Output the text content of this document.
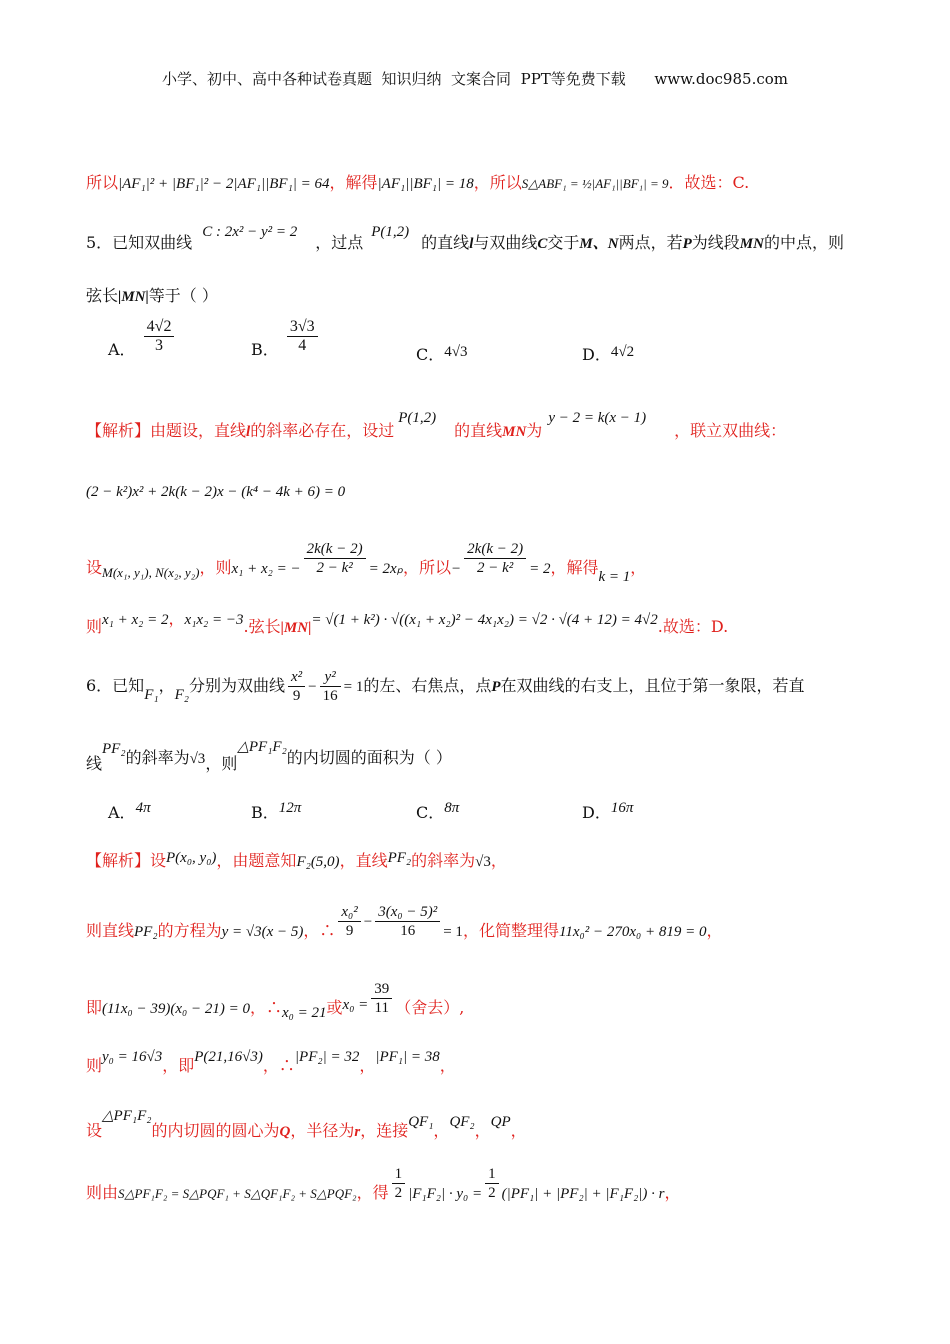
小学、初中、高中各种试卷真题  知识归纳  文案合同  PPT等免费下载      www.doc985.com
所以|AF₁|² + |BF₁|² − 2|AF₁||BF₁| = 64，解得|AF₁||BF₁| = 18，所以S△ABF₁ = ½|AF₁||BF₁| = 9．故选：C.
5．已知双曲线C : 2x² − y² = 2，过点P(1,2)的直线l与双曲线C交于M、N两点，若P为线段MN的中点，则
弦长|MN|等于（ ）
A． $\frac{4√2}{3}$	B． $\frac{3√3}{4}$	C．4√3	D．4√2
【解析】由题设，直线l的斜率必存在，设过P(1,2)的直线MN为y − 2 = k(x − 1)，联立双曲线：
(2 − k²)x² + 2k(k − 2)x − (k⁴ − 4k + 6) = 0
设$_{M(x_1, y_1), N(x_2, y_2)}$，则x₁ + x₂ = − $\frac{2k(k - 2)}{\text{2 − k²}} = 2x_p$，所以− $\frac{2k(k - 2)}{\text{2 − k²}} = 2$，解得k = 1，
则x₁ + x₂ = 2，x₁x₂ = −3.弦长|MN|= √(1 + k²) · √((x₁ + x₂)² − 4x₁x₂) = √2 · √(4 + 12) = 4√2.故选：D.
6．已知F₁，F₂分别为双曲线 $\frac{\text{x²}}{9} - \frac{\text{y²}}{16} = 1$的左、右焦点，点P在双曲线的右支上，且位于第一象限，若直
线PF₂的斜率为√3，则△PF₁F₂的内切圆的面积为（ ）
A．4π	B．12π	C．8π	D．16π
【解析】设P(x₀, y₀)，由题意知F₂(5,0)，直线PF₂的斜率为√3，
则直线PF₂的方程为y = √3(x − 5)，∴ $\frac{\text{x₀²}}{9} - \frac{\text{3(x₀ − 5)²}}{16} = 1$，化简整理得11x₀² − 270x₀ + 819 = 0，
即(11x₀ − 39)(x₀ − 21) = 0，∴x₀ = 21或$x_0 = \frac{39}{11}$ （舍去）,
则y₀ = 16√3，即P(21,16√3)，∴|PF₂| = 32，|PF₁| = 38，
设△PF₁F₂的内切圆的圆心为Q，半径为r，连接QF₁，QF₂，QP，
则由$_{S\triangle PF_1F_2 = S\triangle PQF_1 + S\triangle QF_1F_2 + S\triangle PQF_2}$，得 $\frac{1}{2} |F_1F_2| \cdot y_0 = \frac{1}{2} (|PF_1| + |PF_2| + |F_1F_2|) \cdot r$，
